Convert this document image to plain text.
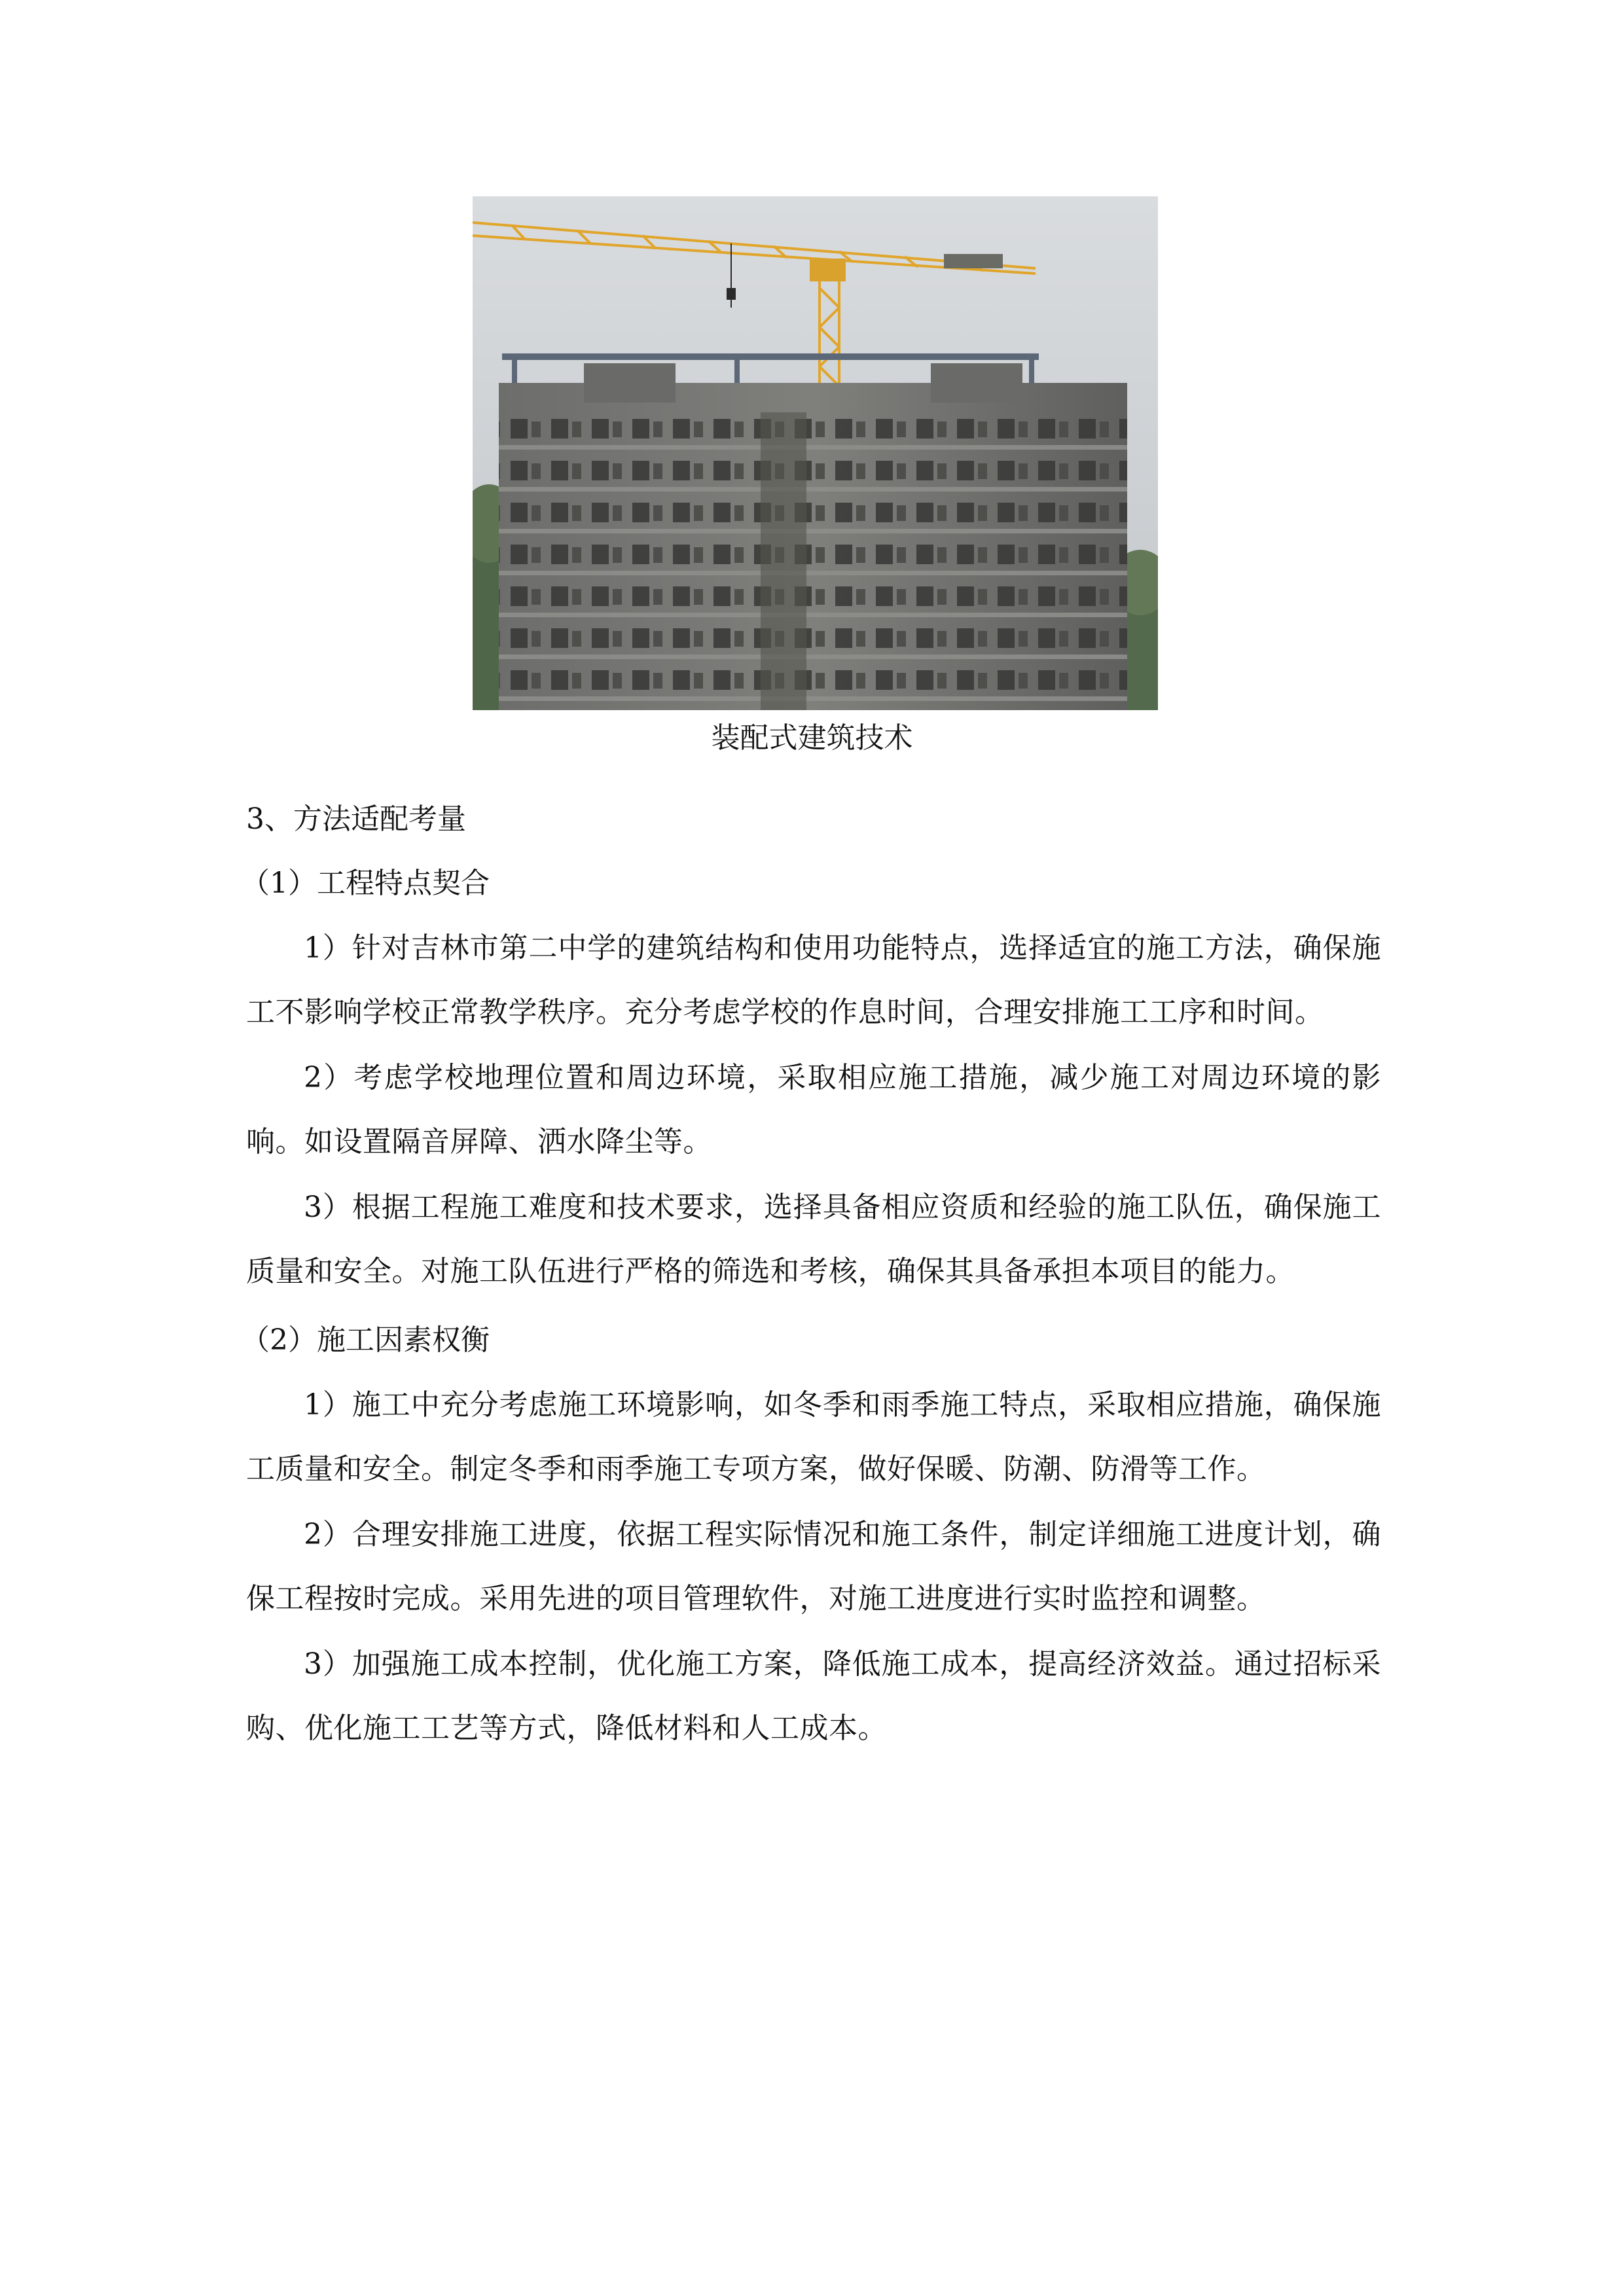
装配式建筑技术
3、方法适配考量
（1）工程特点契合

1）针对吉林市第二中学的建筑结构和使用功能特点，选择适宜的施工方法，确保施工不影响学校正常教学秩序。充分考虑学校的作息时间，合理安排施工工序和时间。

2）考虑学校地理位置和周边环境，采取相应施工措施，减少施工对周边环境的影响。如设置隔音屏障、洒水降尘等。

3）根据工程施工难度和技术要求，选择具备相应资质和经验的施工队伍，确保施工质量和安全。对施工队伍进行严格的筛选和考核，确保其具备承担本项目的能力。

（2）施工因素权衡

1）施工中充分考虑施工环境影响，如冬季和雨季施工特点，采取相应措施，确保施工质量和安全。制定冬季和雨季施工专项方案，做好保暖、防潮、防滑等工作。

2）合理安排施工进度，依据工程实际情况和施工条件，制定详细施工进度计划，确保工程按时完成。采用先进的项目管理软件，对施工进度进行实时监控和调整。

3）加强施工成本控制，优化施工方案，降低施工成本，提高经济效益。通过招标采购、优化施工工艺等方式，降低材料和人工成本。
